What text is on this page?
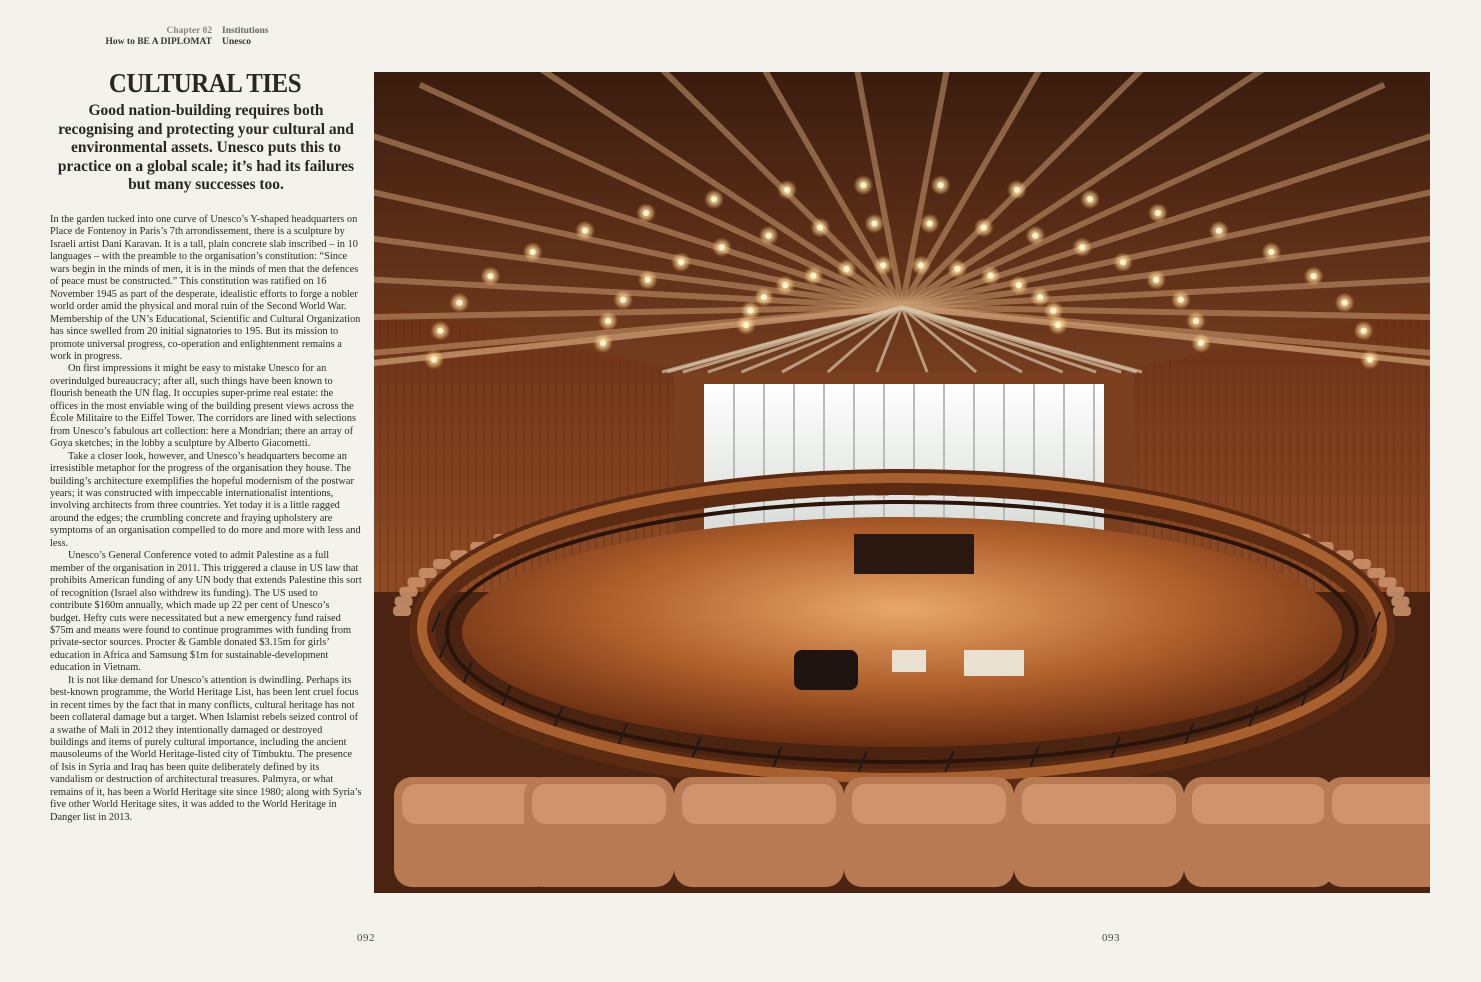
Chapter 02 Institutions
How to BE A DIPLOMAT Unesco
CULTURAL TIES

Good nation-building requires both recognising and protecting your cultural and environmental assets. Unesco puts this to practice on a global scale; it’s had its failures but many successes too.

In the garden tucked into one curve of Unesco’s Y-shaped headquarters on Place de Fontenoy in Paris’s 7th arrondissement, there is a sculpture by Israeli artist Dani Karavan. It is a tall, plain concrete slab inscribed – in 10 languages – with the preamble to the organisation’s constitution: “Since wars begin in the minds of men, it is in the minds of men that the defences of peace must be constructed.” This constitution was ratified on 16 November 1945 as part of the desperate, idealistic efforts to forge a nobler world order amid the physical and moral ruin of the Second World War. Membership of the UN’s Educational, Scientific and Cultural Organization has since swelled from 20 initial signatories to 195. But its mission to promote universal progress, co-operation and enlightenment remains a work in progress.

On first impressions it might be easy to mistake Unesco for an overindulged bureaucracy; after all, such things have been known to flourish beneath the UN flag. It occupies super-prime real estate: the offices in the most enviable wing of the building present views across the École Militaire to the Eiffel Tower. The corridors are lined with selections from Unesco’s fabulous art collection: here a Mondrian; there an array of Goya sketches; in the lobby a sculpture by Alberto Giacometti.

Take a closer look, however, and Unesco’s headquarters become an irresistible metaphor for the progress of the organisation they house. The building’s architecture exemplifies the hopeful modernism of the postwar years; it was constructed with impeccable internationalist intentions, involving architects from three countries. Yet today it is a little ragged around the edges; the crumbling concrete and fraying upholstery are symptoms of an organisation compelled to do more and more with less and less.

Unesco’s General Conference voted to admit Palestine as a full member of the organisation in 2011. This triggered a clause in US law that prohibits American funding of any UN body that extends Palestine this sort of recognition (Israel also withdrew its funding). The US used to contribute $160m annually, which made up 22 per cent of Unesco’s budget. Hefty cuts were necessitated but a new emergency fund raised $75m and means were found to continue programmes with funding from private-sector sources. Procter & Gamble donated $3.15m for girls’ education in Africa and Samsung $1m for sustainable-development education in Vietnam.

It is not like demand for Unesco’s attention is dwindling. Perhaps its best-known programme, the World Heritage List, has been lent cruel focus in recent times by the fact that in many conflicts, cultural heritage has not been collateral damage but a target. When Islamist rebels seized control of a swathe of Mali in 2012 they intentionally damaged or destroyed buildings and items of purely cultural importance, including the ancient mausoleums of the World Heritage-listed city of Timbuktu. The presence of Isis in Syria and Iraq has been quite deliberately defined by its vandalism or destruction of architectural treasures. Palmyra, or what remains of it, has been a World Heritage site since 1980; along with Syria’s five other World Heritage sites, it was added to the World Heritage in Danger list in 2013.

092	093
